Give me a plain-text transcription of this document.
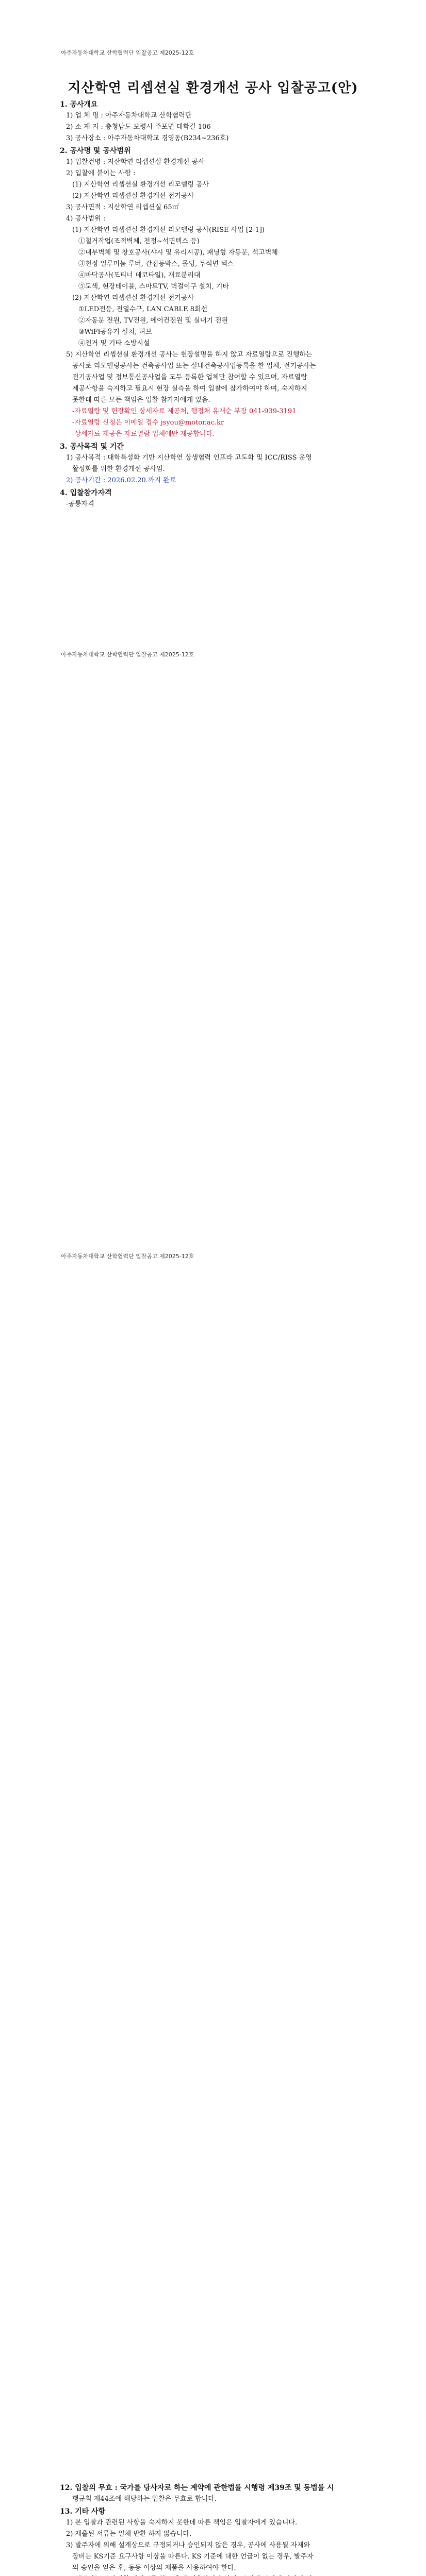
아주자동차대학교 산학협력단 입찰공고 제2025-12호
지산학연 리셉션실 환경개선 공사 입찰공고(안)
1. 공사개요
1) 업 체 명 : 아주자동차대학교 산학협력단
2) 소 재 지 : 충청남도 보령시 주포면 대학길 106
3) 공사장소 : 아주자동차대학교 경영동(B234~236호)
2. 공사명 및 공사범위
1) 입찰건명 : 지산학연 리셉션실 환경개선 공사
2) 입찰에 붙이는 사항 :
(1) 지산학연 리셉션실 환경개선 리모델링 공사
(2) 지산학연 리셉션실 환경개선 전기공사
3) 공사면적 : 지산학연 리셉션실 65㎡
4) 공사범위 :
(1) 지산학연 리셉션실 환경개선 리모델링 공사(RISE 사업 [2-1])
①철거작업(조적벽체, 천정~석면텍스 등)
②내부벽체 및 창호공사(샤시 및 유리시공), 패닝형 자동문, 석고벽체
③천정 일루미늄 루버, 간접등박스, 몰딩, 무석면 텍스
④바닥공사(포티너 데코타일), 재료분리대
⑤도색, 현장테이블, 스마트TV, 벽걸이구 설치, 기타
(2) 지산학연 리셉션실 환경개선 전기공사
①LED전등, 전열수구, LAN CABLE 8회선
②자동문 전원, TV전원, 에어컨전원 및 실내기 전원
③WiFi공유기 설치, 허브
④천거 및 기타 소방시설
5) 지산학연 리셉션실 환경개선 공사는 현장설명을 하지 않고 자료열람으로 진행하는
공사로 리모델링공사는 건축공사업 또는 실내건축공사업등록을 한 업체, 전기공사는
전기공사업 및 정보통신공사업을 모두 등록한 업체만 참여할 수 있으며, 자료열람
제공사항을 숙지하고 필요시 현장 실측을 하여 입찰에 참가하여야 하며, 숙지하지
못한데 따른 모든 책임은 입찰 참가자에게 있음.
-자료열람 및 현장확인 상세자료 제공처, 행정처 유재순 부장 041-939-3191
-자료열람 신청은 이메일 접수 jsyou@motor.ac.kr
-상세자료 제공은 자료열람 업체에만 제공합니다.
3. 공사목적 및 기간
1) 공사목적 : 대학특성화 기반 지산학연 상생협력 인프라 고도화 및 ICC/RISS 운영
활성화를 위한 환경개선 공사임.
2) 공사기간 : 2026.02.20.까지 완료
4. 입찰참가자격
-공통자격
아주자동차대학교 산학협력단 입찰공고 제2025-12호
아주자동차대학교 산학협력단 입찰공고 제2025-12호
12. 입찰의 무효 : 국가를 당사자로 하는 계약에 관한법률 시행령 제39조 및 동법률 시
행규칙 제44조에 해당하는 입찰은 무효로 합니다.
13. 기타 사항
1) 본 입찰과 관련된 사항을 숙지하지 못한데 따른 책임은 입찰자에게 있습니다.
2) 제출된 서류는 일체 반환 하지 않습니다.
3) 발주자에 의해 설계상으로 규정되거나 승인되지 않은 경우, 공사에 사용될 자재와
장비는 KS기준 요구사항 이상을 따른다. KS 기준에 대한 언급이 없는 경우, 발주자
의 승인을 얻은 후, 동등 이상의 제품을 사용하여야 한다.
